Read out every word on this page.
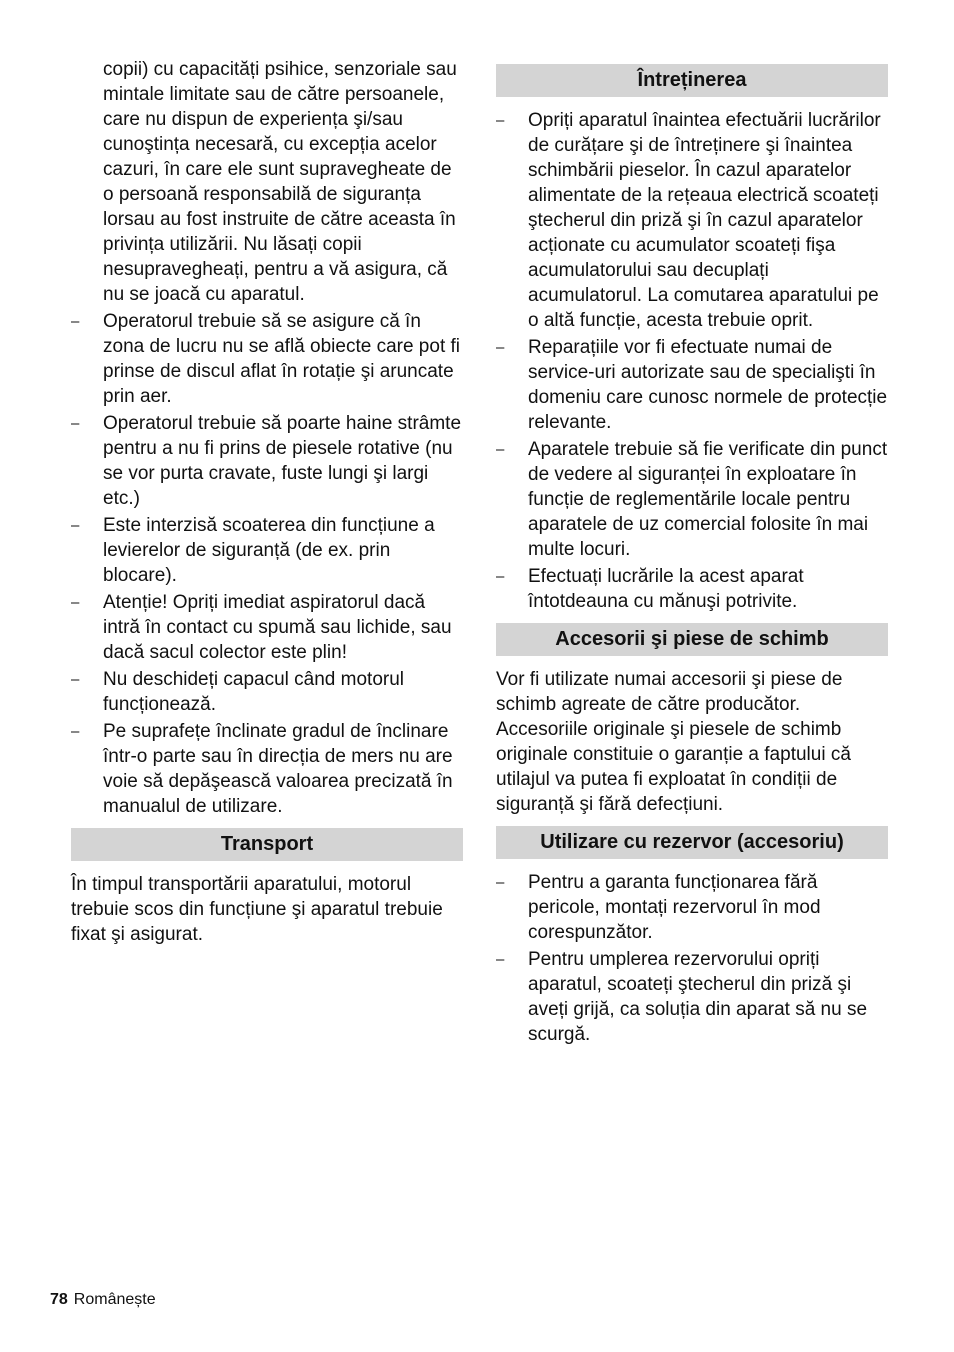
copii) cu capacități psihice, senzoriale sau mintale limitate sau de către persoanele, care nu dispun de experiența şi/sau cunoştința necesară, cu excepția acelor cazuri, în care ele sunt supravegheate de o persoană responsabilă de siguranța lorsau au fost instruite de către aceasta în privința utilizării. Nu lăsați copii nesupravegheați, pentru a vă asigura, că nu se joacă cu aparatul.

– Operatorul trebuie să se asigure că în zona de lucru nu se află obiecte care pot fi prinse de discul aflat în rotație şi aruncate prin aer.
– Operatorul trebuie să poarte haine strâmte pentru a nu fi prins de piesele rotative (nu se vor purta cravate, fuste lungi şi largi etc.)
– Este interzisă scoaterea din funcțiune a levierelor de siguranță (de ex. prin blocare).
– Atenție! Opriți imediat aspiratorul dacă intră în contact cu spumă sau lichide, sau dacă sacul colector este plin!
– Nu deschideți capacul când motorul funcționează.
– Pe suprafețe înclinate gradul de înclinare într-o parte sau în direcția de mers nu are voie să depăşească valoarea precizată în manualul de utilizare.
Transport

În timpul transportării aparatului, motorul trebuie scos din funcțiune şi aparatul trebuie fixat şi asigurat.

Întreținerea
– Opriți aparatul înaintea efectuării lucrărilor de curățare şi de întreținere şi înaintea schimbării pieselor. În cazul aparatelor alimentate de la rețeaua electrică scoateți ştecherul din priză şi în cazul aparatelor acționate cu acumulator scoateți fişa acumulatorului sau decuplați acumulatorul. La comutarea aparatului pe o altă funcție, acesta trebuie oprit.
– Reparațiile vor fi efectuate numai de service-uri autorizate sau de specialişti în domeniu care cunosc normele de protecție relevante.
– Aparatele trebuie să fie verificate din punct de vedere al siguranței în exploatare în funcție de reglementările locale pentru aparatele de uz comercial folosite în mai multe locuri.
– Efectuați lucrările la acest aparat întotdeauna cu mănuşi potrivite.
Accesorii şi piese de schimb

Vor fi utilizate numai accesorii şi piese de schimb agreate de către producător. Accesoriile originale şi piesele de schimb originale constituie o garanție a faptului că utilajul va putea fi exploatat în condiții de siguranță şi fără defecțiuni.

Utilizare cu rezervor (accesoriu)
– Pentru a garanta funcționarea fără pericole, montați rezervorul în mod corespunzător.
– Pentru umplerea rezervorului opriți aparatul, scoateți ştecherul din priză şi aveți grijă, ca soluția din aparat să nu se scurgă.
78 Românește
